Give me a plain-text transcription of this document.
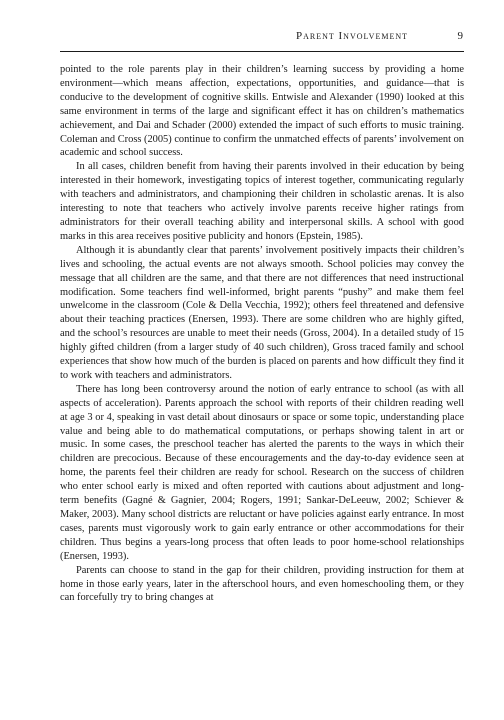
Parent Involvement	9

pointed to the role parents play in their children’s learning success by providing a home environment—which means affection, expectations, opportunities, and guidance—that is conducive to the development of cognitive skills. Entwisle and Alexander (1990) looked at this same environment in terms of the large and significant effect it has on children’s mathematics achievement, and Dai and Schader (2000) extended the impact of such efforts to music training. Coleman and Cross (2005) continue to confirm the unmatched effects of parents’ involvement on academic and school success.

In all cases, children benefit from having their parents involved in their education by being interested in their homework, investigating topics of interest together, communicating regularly with teachers and administrators, and championing their children in scholastic arenas. It is also interesting to note that teachers who actively involve parents receive higher ratings from administrators for their overall teaching ability and interpersonal skills. A school with good marks in this area receives positive publicity and honors (Epstein, 1985).

Although it is abundantly clear that parents’ involvement positively impacts their children’s lives and schooling, the actual events are not always smooth. School policies may convey the message that all children are the same, and that there are not differences that need instructional modification. Some teachers find well-informed, bright parents “pushy” and make them feel unwelcome in the classroom (Cole & Della Vecchia, 1992); others feel threatened and defensive about their teaching practices (Enersen, 1993). There are some children who are highly gifted, and the school’s resources are unable to meet their needs (Gross, 2004). In a detailed study of 15 highly gifted children (from a larger study of 40 such children), Gross traced family and school experiences that show how much of the burden is placed on parents and how difficult they find it to work with teachers and administrators.

There has long been controversy around the notion of early entrance to school (as with all aspects of acceleration). Parents approach the school with reports of their children reading well at age 3 or 4, speaking in vast detail about dinosaurs or space or some topic, understanding place value and being able to do mathematical computations, or perhaps showing talent in art or music. In some cases, the preschool teacher has alerted the parents to the ways in which their children are precocious. Because of these encouragements and the day-to-day evidence seen at home, the parents feel their children are ready for school. Research on the success of children who enter school early is mixed and often reported with cautions about adjustment and long-term benefits (Gagné & Gagnier, 2004; Rogers, 1991; Sankar-DeLeeuw, 2002; Schiever & Maker, 2003). Many school districts are reluctant or have policies against early entrance. In most cases, parents must vigorously work to gain early entrance or other accommodations for their children. Thus begins a years-long process that often leads to poor home-school relationships (Enersen, 1993).

Parents can choose to stand in the gap for their children, providing instruction for them at home in those early years, later in the afterschool hours, and even homeschooling them, or they can forcefully try to bring changes at
